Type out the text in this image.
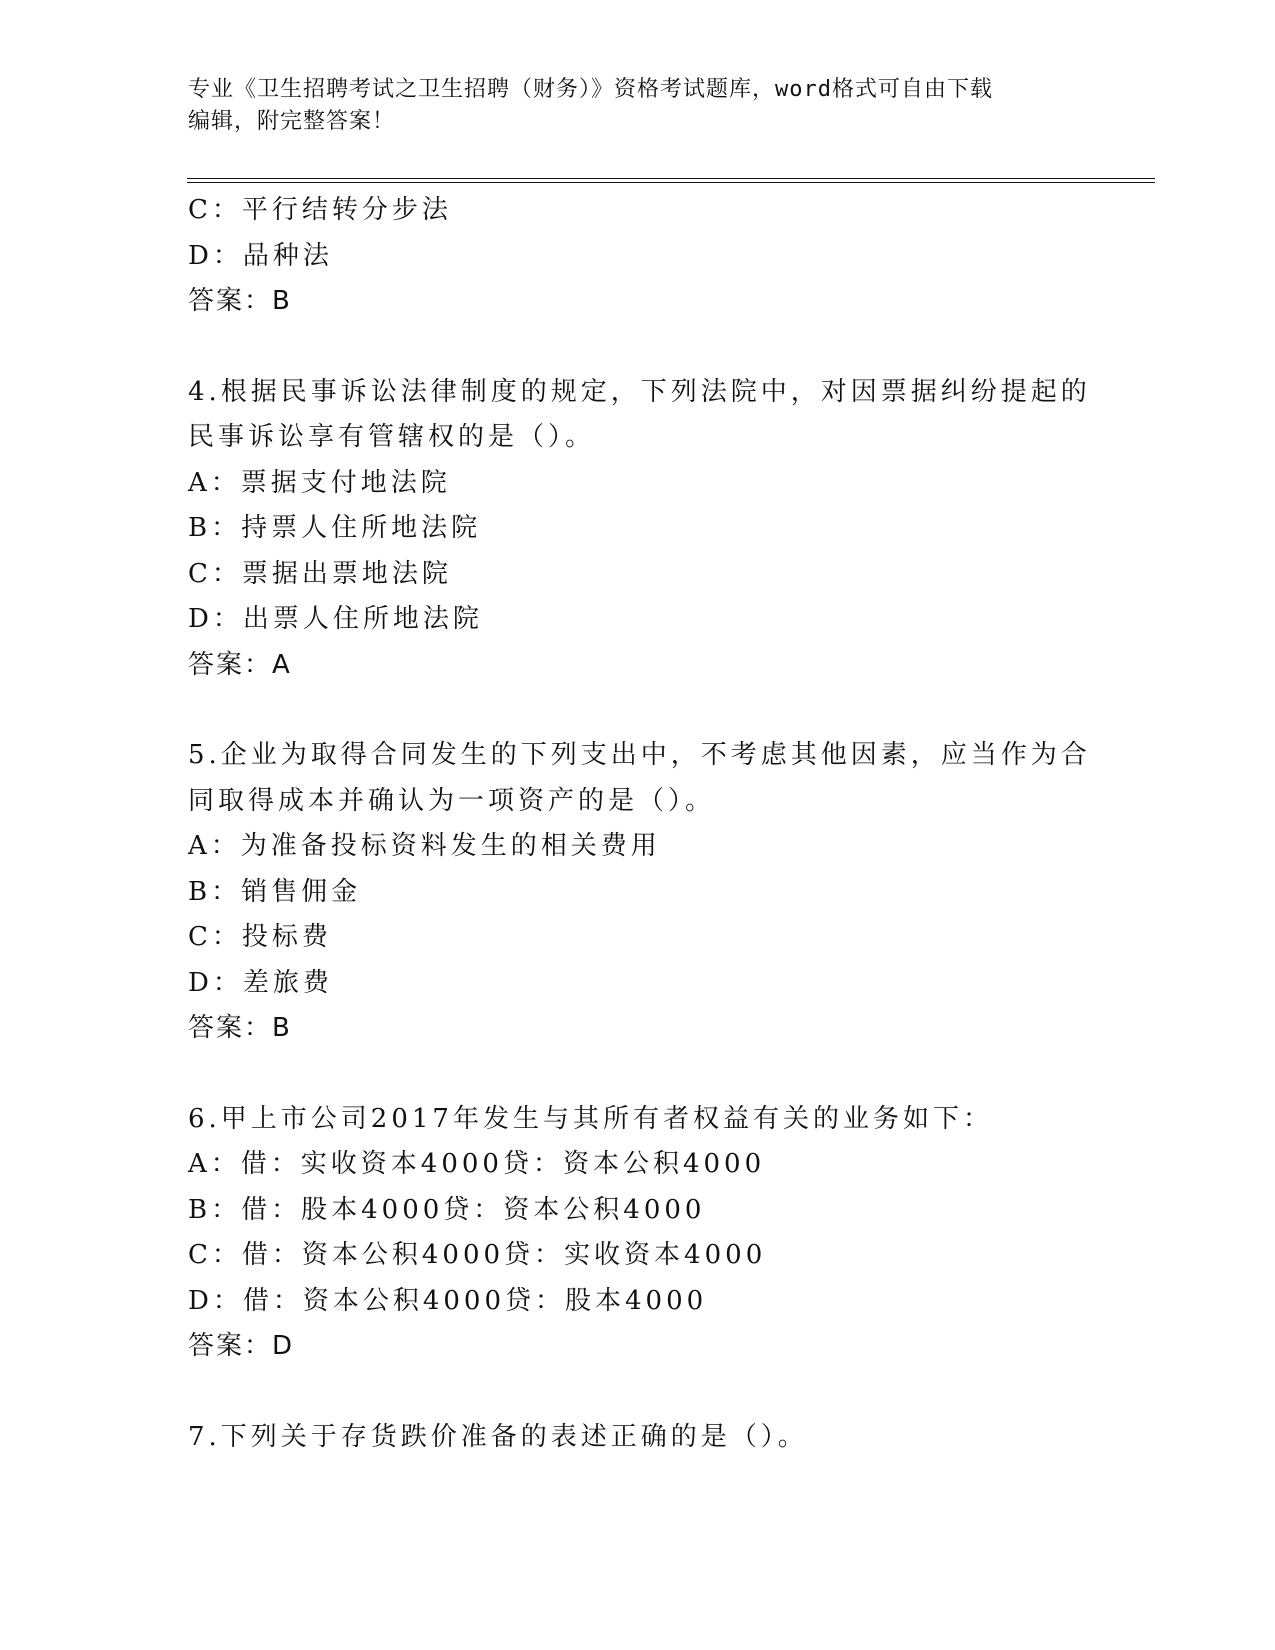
专业《卫生招聘考试之卫生招聘（财务）》资格考试题库，word格式可自由下载
编辑，附完整答案！
C：平行结转分步法
D：品种法
答案：B
4.根据民事诉讼法律制度的规定，下列法院中，对因票据纠纷提起的
民事诉讼享有管辖权的是（）。
A：票据支付地法院
B：持票人住所地法院
C：票据出票地法院
D：出票人住所地法院
答案：A
5.企业为取得合同发生的下列支出中，不考虑其他因素，应当作为合
同取得成本并确认为一项资产的是（）。
A：为准备投标资料发生的相关费用
B：销售佣金
C：投标费
D：差旅费
答案：B
6.甲上市公司2017年发生与其所有者权益有关的业务如下：
A：借：实收资本4000贷：资本公积4000
B：借：股本4000贷：资本公积4000
C：借：资本公积4000贷：实收资本4000
D：借：资本公积4000贷：股本4000
答案：D
7.下列关于存货跌价准备的表述正确的是（）。
